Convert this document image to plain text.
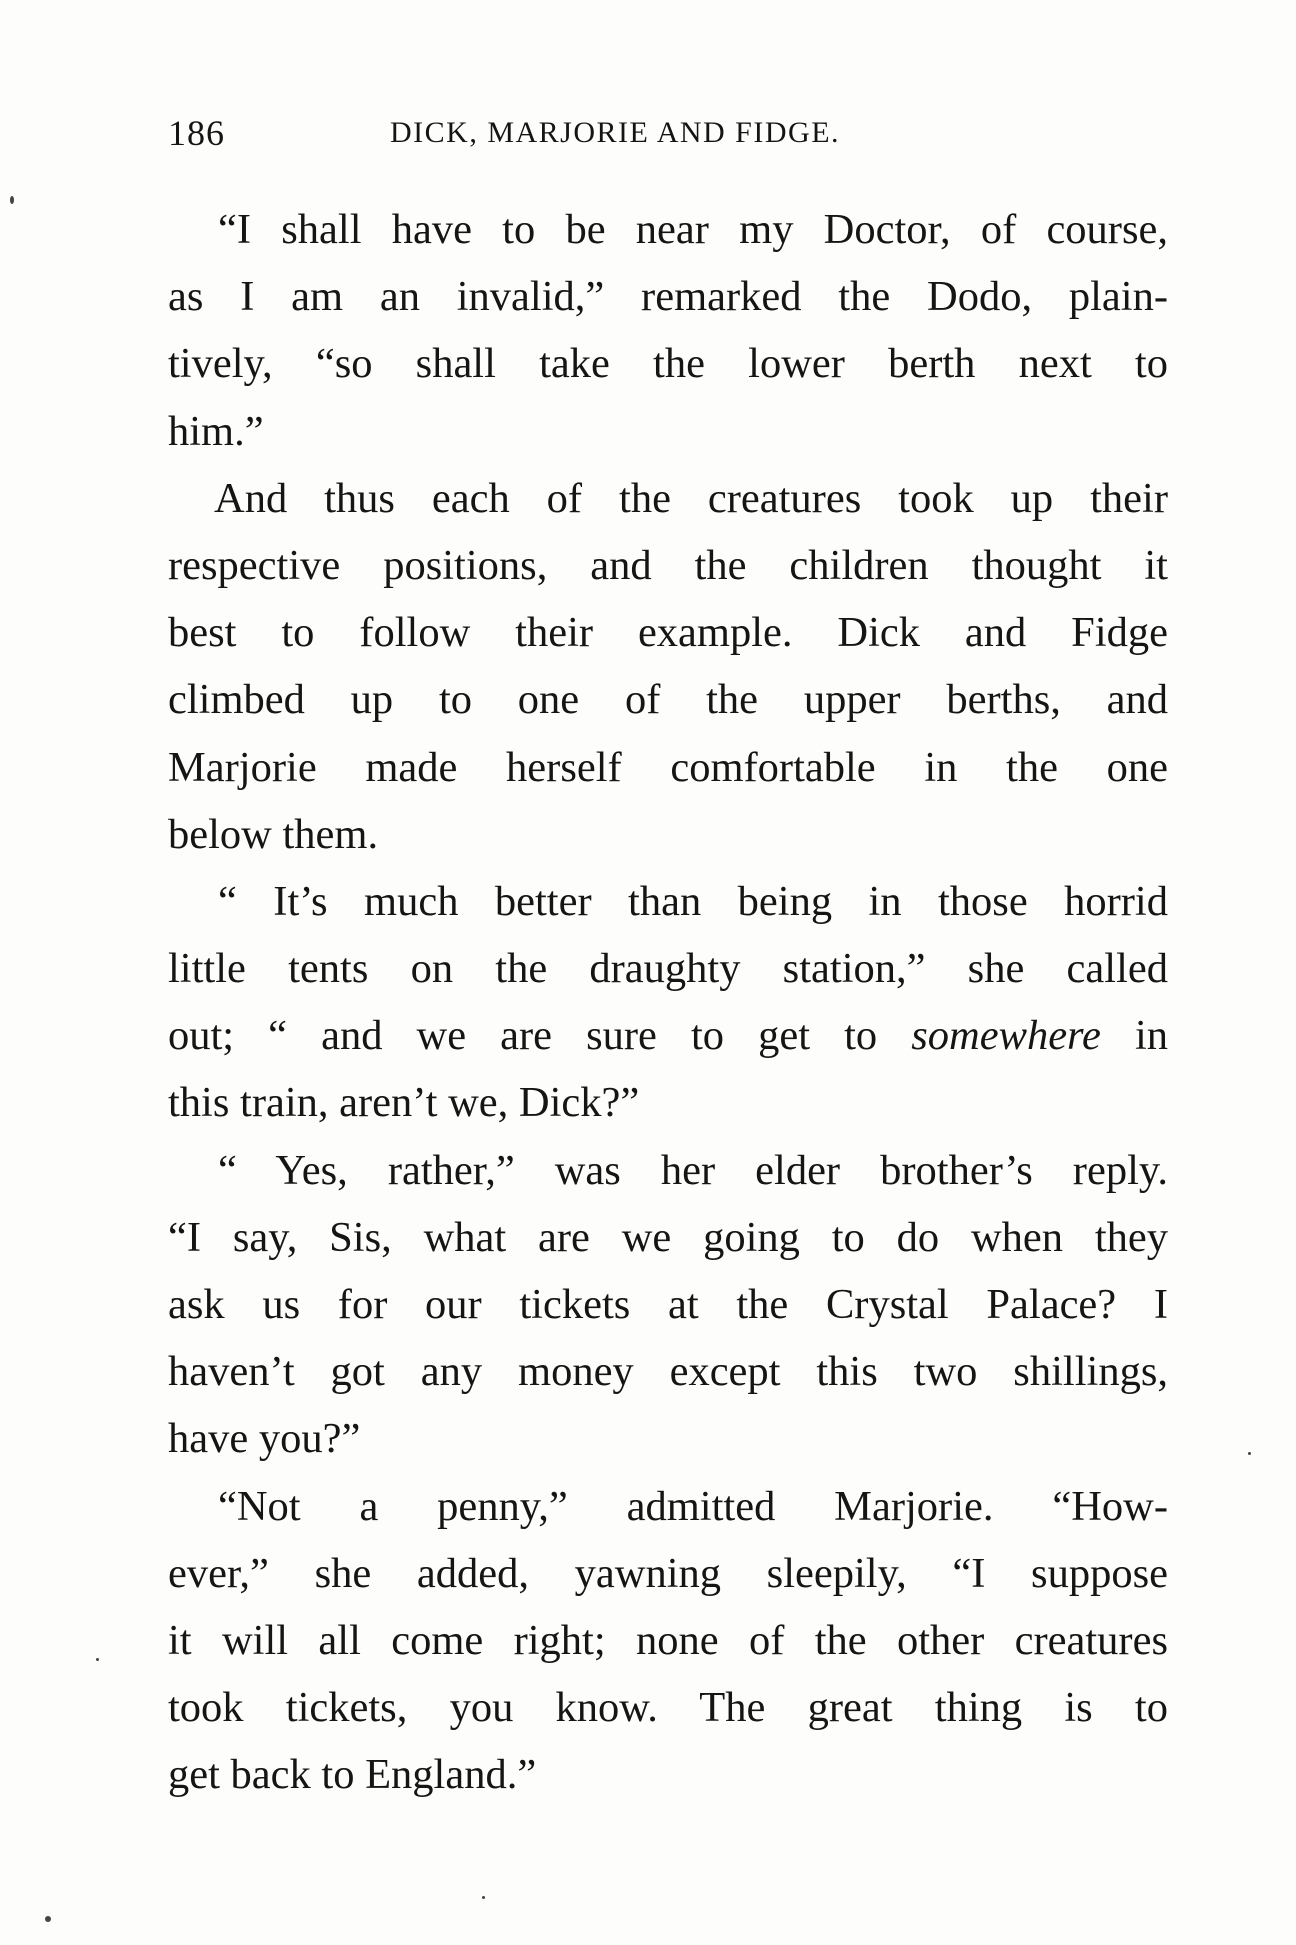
186	DICK, MARJORIE AND FIDGE.
“I shall have to be near my Doctor, of course,
as I am an invalid,” remarked the Dodo, plain-
tively, “so shall take the lower berth next to
him.”
And thus each of the creatures took up their
respective positions, and the children thought it
best to follow their example. Dick and Fidge
climbed up to one of the upper berths, and
Marjorie made herself comfortable in the one
below them.
“ It’s much better than being in those horrid
little tents on the draughty station,” she called
out; “ and we are sure to get to somewhere in
this train, aren’t we, Dick?”
“ Yes, rather,” was her elder brother’s reply.
“I say, Sis, what are we going to do when they
ask us for our tickets at the Crystal Palace? I
haven’t got any money except this two shillings,
have you?”
“Not a penny,” admitted Marjorie. “How-
ever,” she added, yawning sleepily, “I suppose
it will all come right; none of the other creatures
took tickets, you know. The great thing is to
get back to England.”
